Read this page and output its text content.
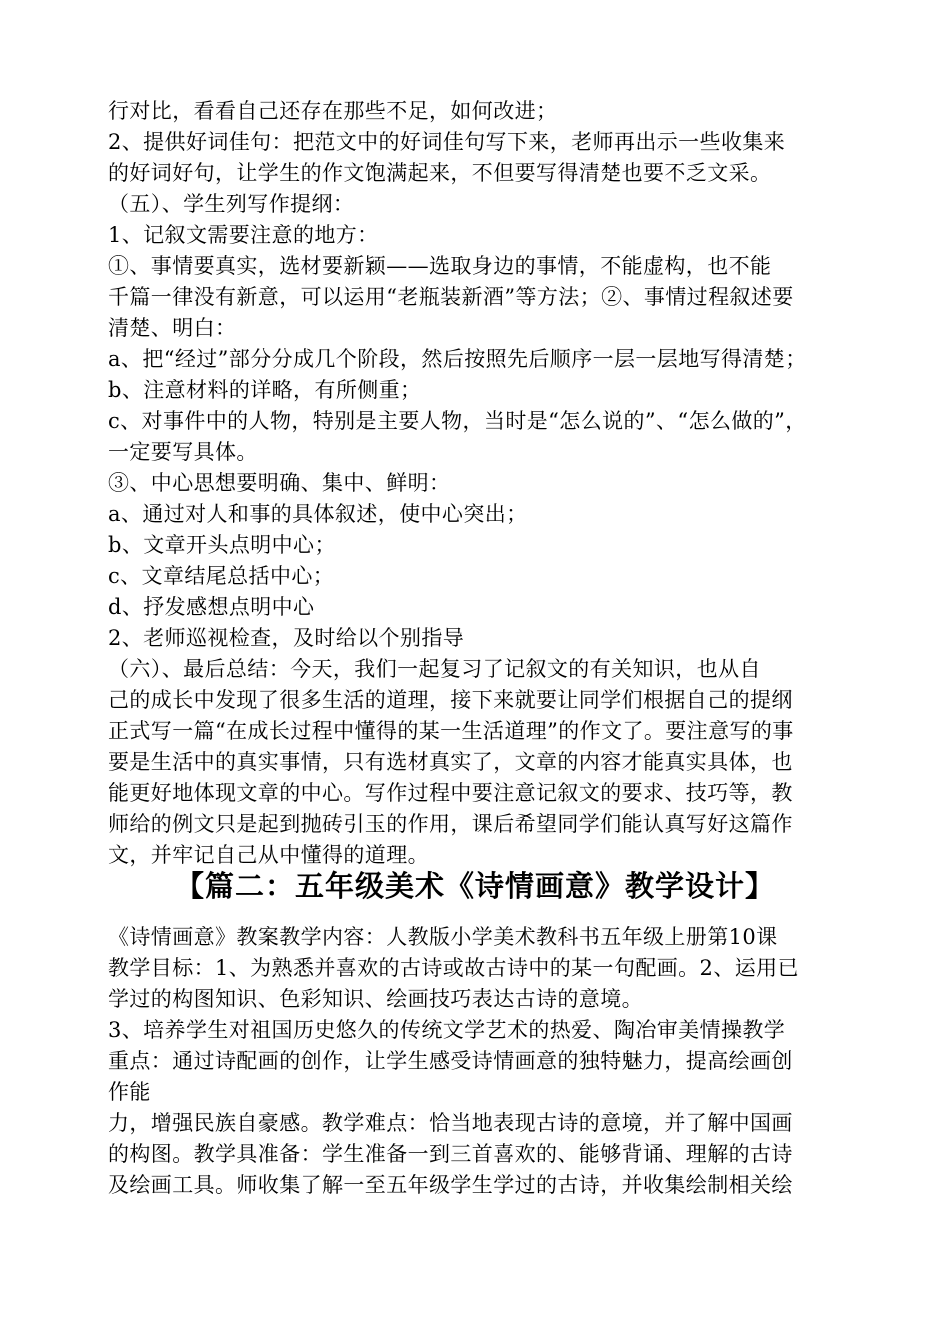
行对比，看看自己还存在那些不足，如何改进；
2、提供好词佳句：把范文中的好词佳句写下来，老师再出示一些收集来
的好词好句，让学生的作文饱满起来，不但要写得清楚也要不乏文采。
（五）、学生列写作提纲：
1、记叙文需要注意的地方：
①、事情要真实，选材要新颖——选取身边的事情，不能虚构，也不能
千篇一律没有新意，可以运用“老瓶装新酒”等方法；②、事情过程叙述要
清楚、明白：
a、把“经过”部分分成几个阶段，然后按照先后顺序一层一层地写得清楚；
b、注意材料的详略，有所侧重；
c、对事件中的人物，特别是主要人物，当时是“怎么说的”、“怎么做的”，
一定要写具体。
③、中心思想要明确、集中、鲜明：
a、通过对人和事的具体叙述，使中心突出；
b、文章开头点明中心；
c、文章结尾总括中心；
d、抒发感想点明中心
2、老师巡视检查，及时给以个别指导
（六）、最后总结：今天，我们一起复习了记叙文的有关知识，也从自
己的成长中发现了很多生活的道理，接下来就要让同学们根据自己的提纲
正式写一篇“在成长过程中懂得的某一生活道理”的作文了。要注意写的事
要是生活中的真实事情，只有选材真实了，文章的内容才能真实具体，也
能更好地体现文章的中心。写作过程中要注意记叙文的要求、技巧等，教
师给的例文只是起到抛砖引玉的作用，课后希望同学们能认真写好这篇作
文，并牢记自己从中懂得的道理。
【篇二：五年级美术《诗情画意》教学设计】
《诗情画意》教案教学内容：人教版小学美术教科书五年级上册第10课
教学目标：1、为熟悉并喜欢的古诗或故古诗中的某一句配画。2、运用已
学过的构图知识、色彩知识、绘画技巧表达古诗的意境。
3、培养学生对祖国历史悠久的传统文学艺术的热爱、陶冶审美情操教学
重点：通过诗配画的创作，让学生感受诗情画意的独特魅力，提高绘画创
作能
力，增强民族自豪感。教学难点：恰当地表现古诗的意境，并了解中国画
的构图。教学具准备：学生准备一到三首喜欢的、能够背诵、理解的古诗
及绘画工具。师收集了解一至五年级学生学过的古诗，并收集绘制相关绘
